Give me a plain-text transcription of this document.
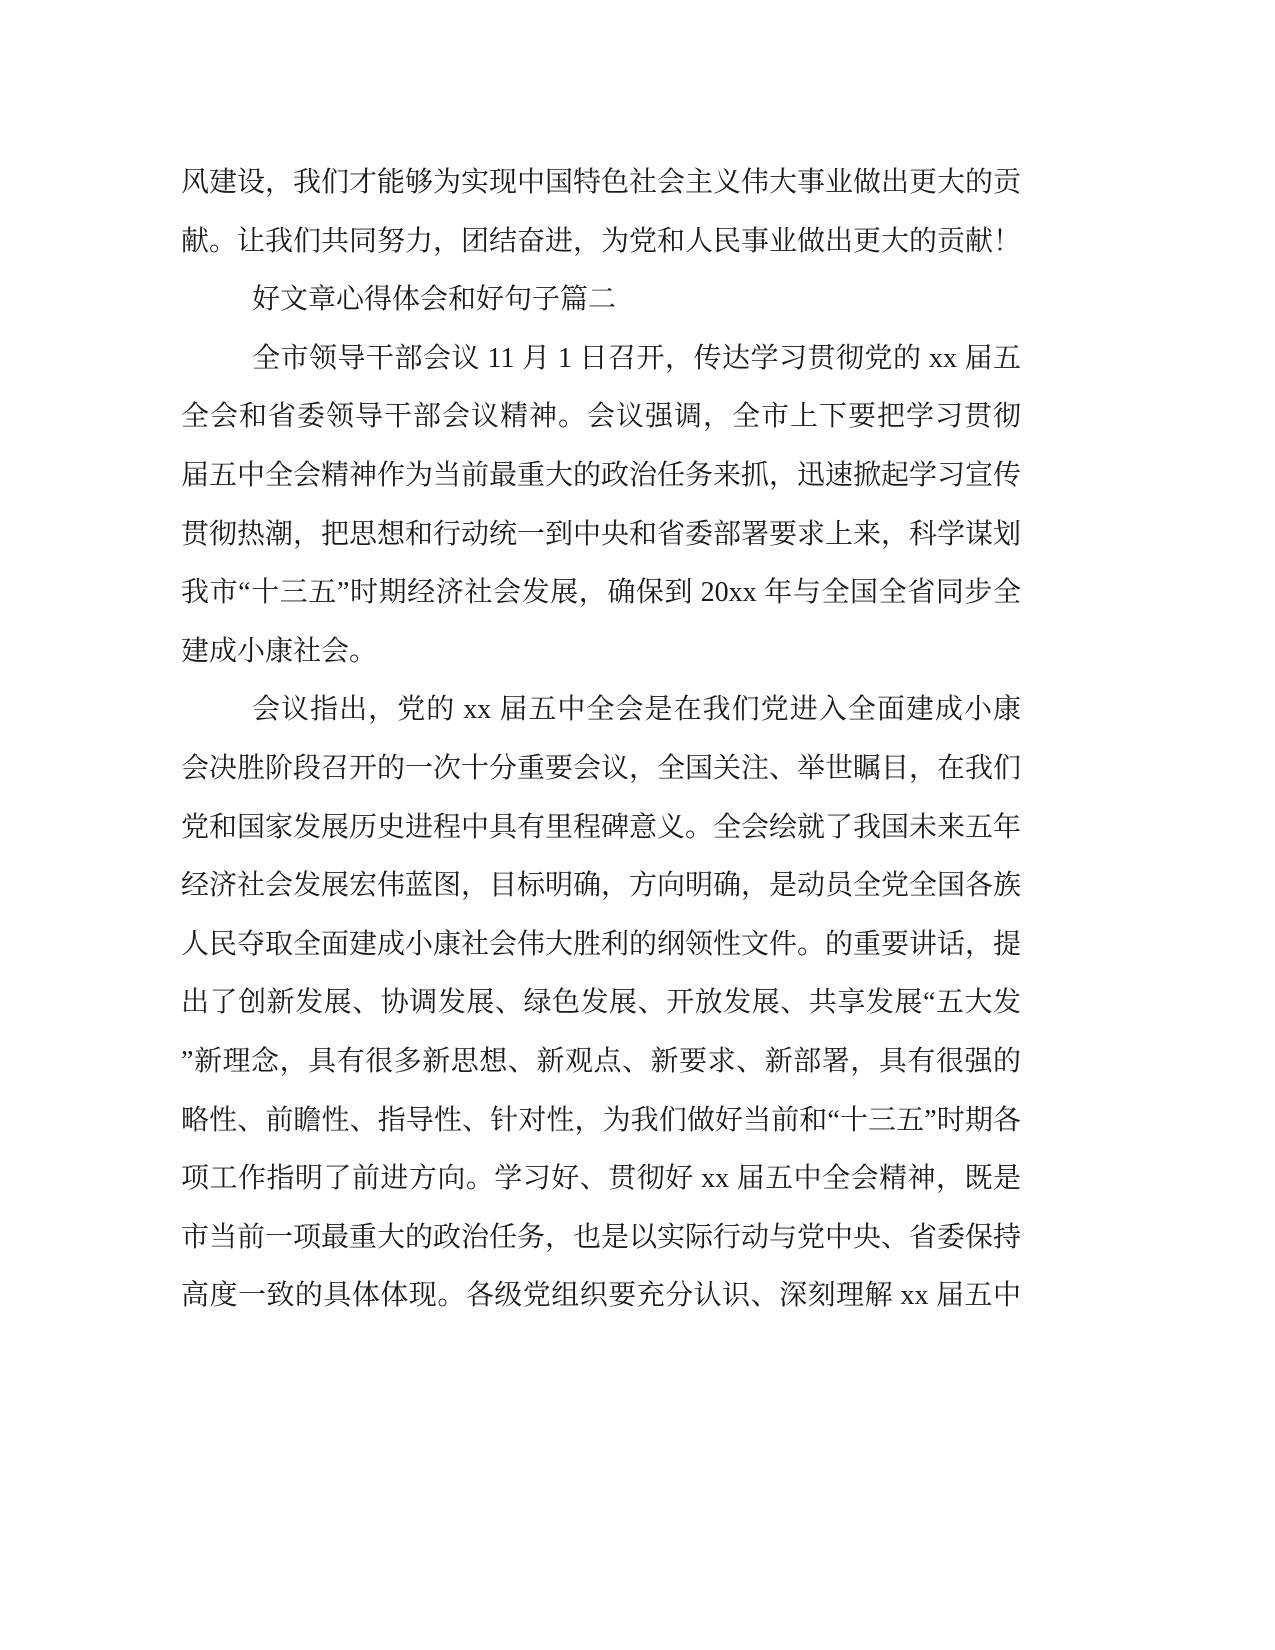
风建设，我们才能够为实现中国特色社会主义伟大事业做出更大的贡
献。让我们共同努力，团结奋进，为党和人民事业做出更大的贡献！
好文章心得体会和好句子篇二
全市领导干部会议 11 月 1 日召开，传达学习贯彻党的 xx 届五
全会和省委领导干部会议精神。会议强调，全市上下要把学习贯彻
届五中全会精神作为当前最重大的政治任务来抓，迅速掀起学习宣传
贯彻热潮，把思想和行动统一到中央和省委部署要求上来，科学谋划
我市“十三五”时期经济社会发展，确保到 20xx 年与全国全省同步全
建成小康社会。
会议指出，党的 xx 届五中全会是在我们党进入全面建成小康
会决胜阶段召开的一次十分重要会议，全国关注、举世瞩目，在我们
党和国家发展历史进程中具有里程碑意义。全会绘就了我国未来五年
经济社会发展宏伟蓝图，目标明确，方向明确，是动员全党全国各族
人民夺取全面建成小康社会伟大胜利的纲领性文件。的重要讲话，提
出了创新发展、协调发展、绿色发展、开放发展、共享发展“五大发
”新理念，具有很多新思想、新观点、新要求、新部署，具有很强的
略性、前瞻性、指导性、针对性，为我们做好当前和“十三五”时期各
项工作指明了前进方向。学习好、贯彻好 xx 届五中全会精神，既是
市当前一项最重大的政治任务，也是以实际行动与党中央、省委保持
高度一致的具体体现。各级党组织要充分认识、深刻理解 xx 届五中
